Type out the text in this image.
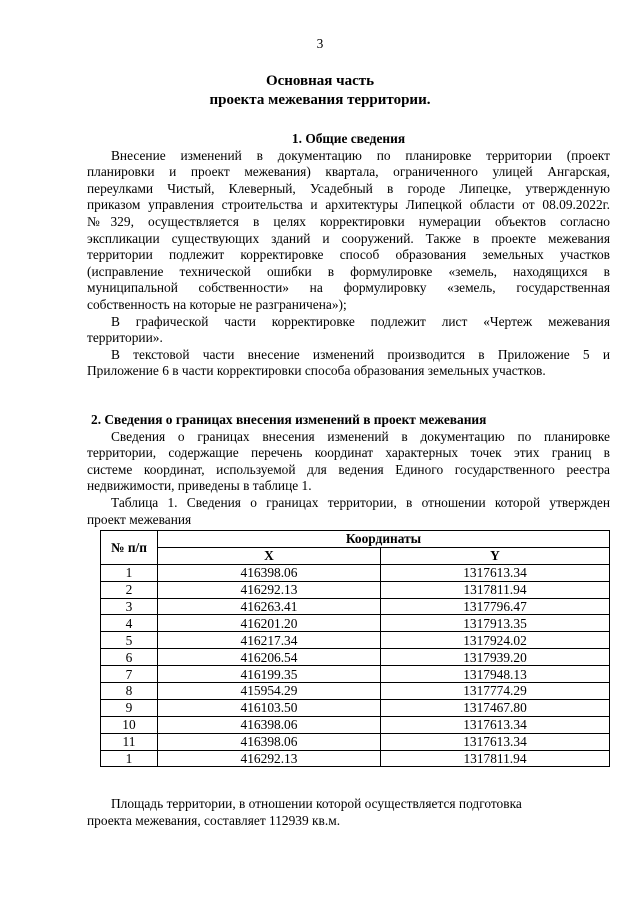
3
Основная часть
проекта межевания территории.
1. Общие сведения
Внесение изменений в документацию по планировке территории (проект
планировки и проект межевания) квартала, ограниченного улицей Ангарская,
переулками Чистый, Клеверный, Усадебный в городе Липецке, утвержденную
приказом управления строительства и архитектуры Липецкой области от 08.09.2022г.
№329, осуществляется в целях корректировки нумерации объектов согласно
экспликации существующих зданий и сооружений. Также в проекте межевания
территории подлежит корректировке способ образования земельных участков
(исправление технической ошибки в формулировке «земель, находящихся в
муниципальной собственности» на формулировку «земель, государственная
собственность на которые не разграничена»);
В графической части корректировке подлежит лист «Чертеж межевания
территории».
В текстовой части внесение изменений производится в Приложение 5 и
Приложение 6 в части корректировки способа образования земельных участков.
2. Сведения о границах внесения изменений в проект межевания
Сведения о границах внесения изменений в документацию по планировке
территории, содержащие перечень координат характерных точек этих границ в
системе координат, используемой для ведения Единого государственного реестра
недвижимости, приведены в таблице 1.
Таблица 1. Сведения о границах территории, в отношении которой утвержден
проект межевания
№ п/п	Координаты	
	X	Y
1	416398.06	1317613.34
2	416292.13	1317811.94
3	416263.41	1317796.47
4	416201.20	1317913.35
5	416217.34	1317924.02
6	416206.54	1317939.20
7	416199.35	1317948.13
8	415954.29	1317774.29
9	416103.50	1317467.80
10	416398.06	1317613.34
11	416398.06	1317613.34
1	416292.13	1317811.94
Площадь территории, в отношении которой осуществляется подготовка
проекта межевания, составляет 112939 кв.м.
